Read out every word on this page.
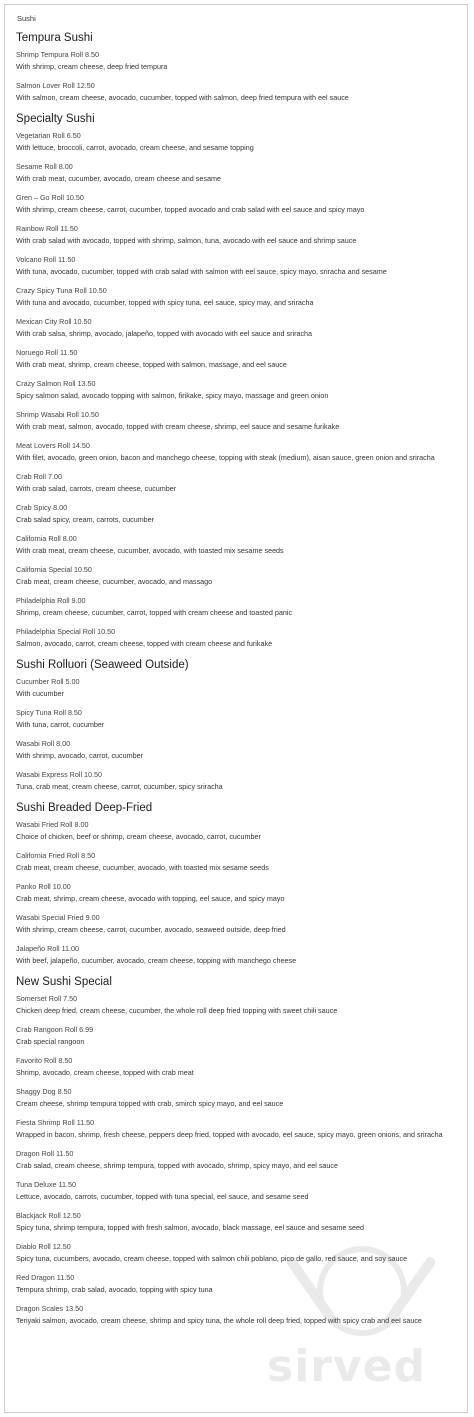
Sushi
Tempura Sushi
Shrimp Tempura Roll 8.50
With shrimp, cream cheese, deep fried tempura
Salmon Lover Roll 12.50
With salmon, cream cheese, avocado, cucumber, topped with salmon, deep fried tempura with eel sauce
Specialty Sushi
Vegetarian Roll 6.50
With lettuce, broccoli, carrot, avocado, cream cheese, and sesame topping
Sesame Roll 8.00
With crab meat, cucumber, avocado, cream cheese and sesame
Gren – Go Roll 10.50
With shrimp, cream cheese, carrot, cucumber, topped avocado and crab salad with eel sauce and spicy mayo
Rainbow Roll 11.50
With crab salad with avocado, topped with shrimp, salmon, tuna, avocado with eel sauce and shrimp sauce
Volcano Roll 11.50
With tuna, avocado, cucumber, topped with crab salad with salmon with eel sauce, spicy mayo, sriracha and sesame
Crazy Spicy Tuna Roll 10.50
With tuna and avocado, cucumber, topped with spicy tuna, eel sauce, spicy may, and sriracha
Mexican City Roll 10.50
With crab salsa, shrimp, avocado, jalapeño, topped with avocado with eel sauce and sriracha
Noruego Roll 11.50
With crab meat, shrimp, cream cheese, topped with salmon, massage, and eel sauce
Crazy Salmon Roll 13.50
Spicy salmon salad, avocado topping with salmon, firikake, spicy mayo, massage and green onion
Shrimp Wasabi Roll 10.50
With crab meat, salmon, avocado, topped with cream cheese, shrimp, eel sauce and sesame furikake
Meat Lovers Roll 14.50
With filet, avocado, green onion, bacon and manchego cheese, topping with steak (medium), aisan sauce, green onion and sriracha
Crab Roll 7.00
With crab salad, carrots, cream cheese, cucumber
Crab Spicy 8.00
Crab salad spicy, cream, carrots, cucumber
California Roll 8.00
With crab meat, cream cheese, cucumber, avocado, with toasted mix sesame seeds
California Special 10.50
Crab meat, cream cheese, cucumber, avocado, and massago
Philadelphia Roll 9.00
Shrimp, cream cheese, cucumber, carrot, topped with cream cheese and toasted panic
Philadelphia Special Roll 10.50
Salmon, avocado, carrot, cream cheese, topped with cream cheese and furikake
Sushi Rolluori (Seaweed Outside)
Cucumber Roll 5.00
With cucumber
Spicy Tuna Roll 8.50
With tuna, carrot, cucumber
Wasabi Roll 8.00
With shrimp, avocado, carrot, cucumber
Wasabi Express Roll 10.50
Tuna, crab meat, cream cheese, carrot, cucumber, spicy sriracha
Sushi Breaded Deep-Fried
Wasabi Fried Roll 8.00
Choice of chicken, beef or shrimp, cream cheese, avocado, carrot, cucumber
California Fried Roll 8.50
Crab meat, cream cheese, cucumber, avocado, with toasted mix sesame seeds
Panko Roll 10.00
Crab meat, shrimp, cream cheese, avocado with topping, eel sauce, and spicy mayo
Wasabi Special Fried 9.00
With shrimp, cream cheese, carrot, cucumber, avocado, seaweed outside, deep fried
Jalapeño Roll 11.00
With beef, jalapeño, cucumber, avocado, cream cheese, topping with manchego cheese
New Sushi Special
Somerset Roll 7.50
Chicken deep fried, cream cheese, cucumber, the whole roll deep fried topping with sweet chili sauce
Crab Rangoon Roll 6.99
Crab special rangoon
Favorito Roll 8.50
Shrimp, avocado, cream cheese, topped with crab meat
Shaggy Dog 8.50
Cream cheese, shrimp tempura topped with crab, smirch spicy mayo, and eel sauce
Fiesta Shrimp Roll 11.50
Wrapped in bacon, shrimp, fresh cheese, peppers deep fried, topped with avocado, eel sauce, spicy mayo, green onions, and sriracha
Dragon Roll 11.50
Crab salad, cream cheese, shrimp tempura, topped with avocado, shrimp, spicy mayo, and eel sauce
Tuna Deluxe 11.50
Lettuce, avocado, carrots, cucumber, topped with tuna special, eel sauce, and sesame seed
Blackjack Roll 12.50
Spicy tuna, shrimp tempura, topped with fresh salmon, avocado, black massage, eel sauce and sesame seed
Diablo Roll 12.50
Spicy tuna, cucumbers, avocado, cream cheese, topped with salmon chili poblano, pico de gallo, red sauce, and soy sauce
Red Dragon 11.50
Tempura shrimp, crab salad, avocado, topping with spicy tuna
Dragon Scales 13.50
Teriyaki salmon, avocado, cream cheese, shrimp and spicy tuna, the whole roll deep fried, topped with spicy crab and eel sauce
sirved
